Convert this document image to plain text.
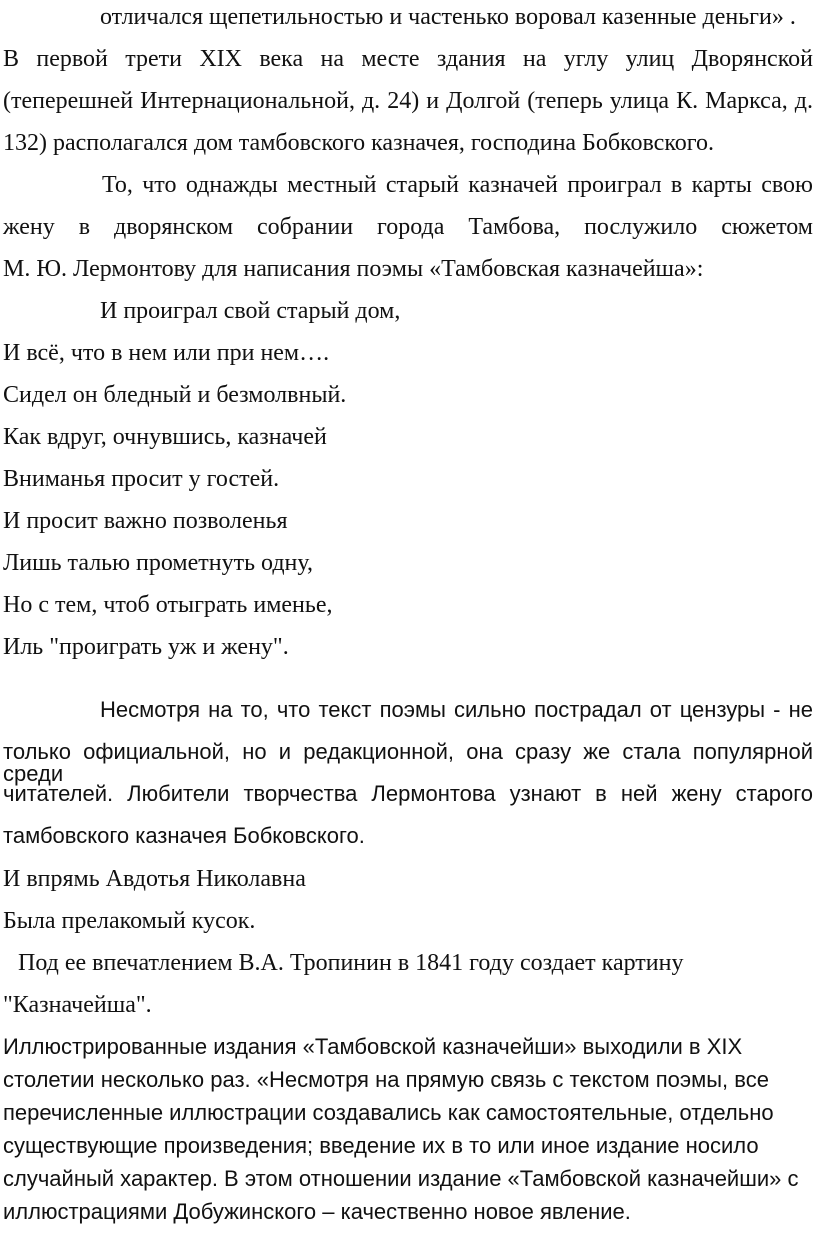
отличался щепетильностью и частенько воровал казенные деньги» .

В первой трети XIX века на месте здания на углу улиц Дворянской

(теперешней Интернациональной, д. 24) и Долгой (теперь улица К. Маркса, д.

132) располагался дом тамбовского казначея, господина Бобковского.

То, что однажды местный старый казначей проиграл в карты свою

жену в дворянском собрании города Тамбова, послужило сюжетом

М. Ю. Лермонтову для написания поэмы «Тамбовская казначейша»:

И проиграл свой старый дом,

И всё, что в нем или при нем….

Сидел он бледный и безмолвный.

Как вдруг, очнувшись, казначей

Вниманья просит у гостей.

И просит важно позволенья

Лишь талью прометнуть одну,

Но с тем, чтоб отыграть именье,

Иль "проиграть уж и жену".

Несмотря на то, что текст поэмы сильно пострадал от цензуры - не

только официальной, но и редакционной, она сразу же стала популярной среди

читателей. Любители творчества Лермонтова узнают в ней жену старого

тамбовского казначея Бобковского.

И впрямь Авдотья Николавна

Была прелакомый кусок.

Под ее впечатлением В.А. Тропинин в 1841 году создает картину

"Казначейша".

Иллюстрированные издания «Тамбовской казначейши» выходили в XIX

столетии несколько раз. «Несмотря на прямую связь с текстом поэмы, все

перечисленные иллюстрации создавались как самостоятельные, отдельно

существующие произведения; введение их в то или иное издание носило

случайный характер. В этом отношении издание «Тамбовской казначейши» с

иллюстрациями Добужинского – качественно новое явление.
